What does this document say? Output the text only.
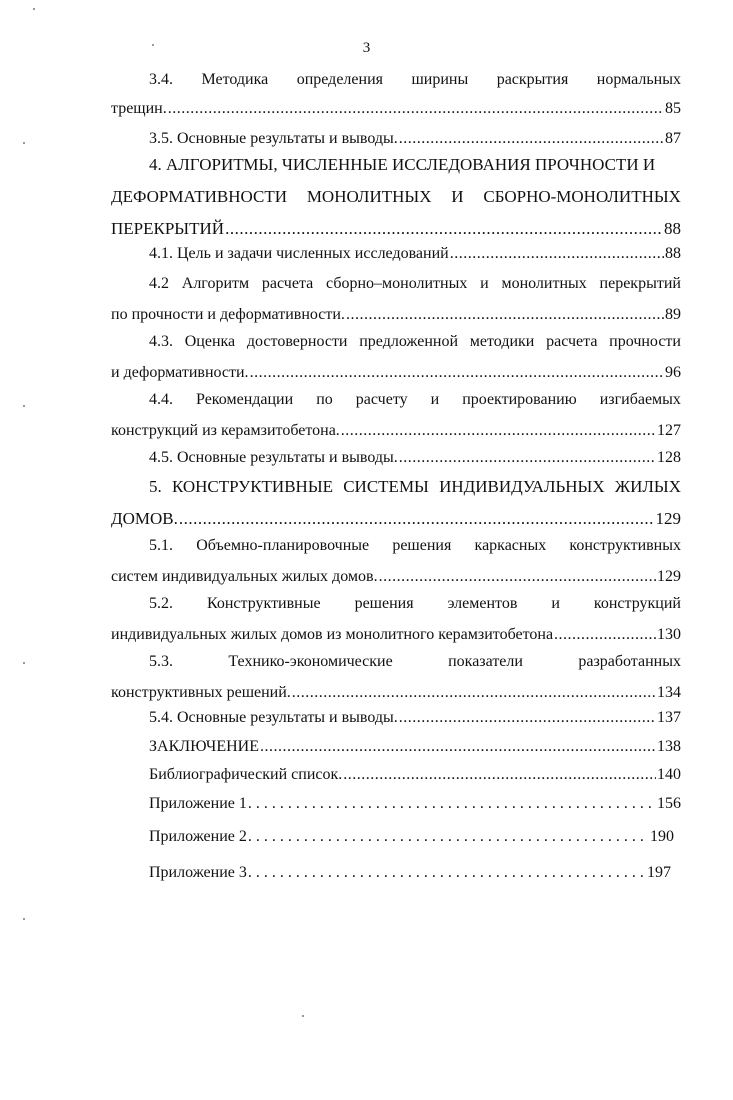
3
3.4. Методика определения ширины раскрытия нормальных
трещин. .....	85
3.5. Основные результаты и выводы. .....	87
4. АЛГОРИТМЫ, ЧИСЛЕННЫЕ ИССЛЕДОВАНИЯ ПРОЧНОСТИ И
ДЕФОРМАТИВНОСТИ МОНОЛИТНЫХ И СБОРНО-МОНОЛИТНЫХ
ПЕРЕКРЫТИЙ .....	88
4.1. Цель и задачи численных исследований .....	88
4.2 Алгоритм расчета сборно–монолитных и монолитных перекрытий
по прочности и деформативности. .....	89
4.3. Оценка достоверности предложенной методики расчета прочности
и деформативности. .....	96
4.4. Рекомендации по расчету и проектированию изгибаемых
конструкций из керамзитобетона. .....	127
4.5. Основные результаты и выводы. .....	128
5. КОНСТРУКТИВНЫЕ СИСТЕМЫ ИНДИВИДУАЛЬНЫХ ЖИЛЫХ
ДОМОВ. .....	129
5.1. Объемно-планировочные решения каркасных конструктивных
систем индивидуальных жилых домов. .....	129
5.2. Конструктивные решения элементов и конструкций
индивидуальных жилых домов из монолитного керамзитобетона .....	130
5.3.	Технико-экономические	показатели	разработанных
конструктивных решений. .....	134
5.4. Основные результаты и выводы. .....	137
ЗАКЛЮЧЕНИЕ .....	138
Библиографический список. .....	140
Приложение 1 . . .	156
Приложение 2 . . .	190
Приложение 3 . . .	197
